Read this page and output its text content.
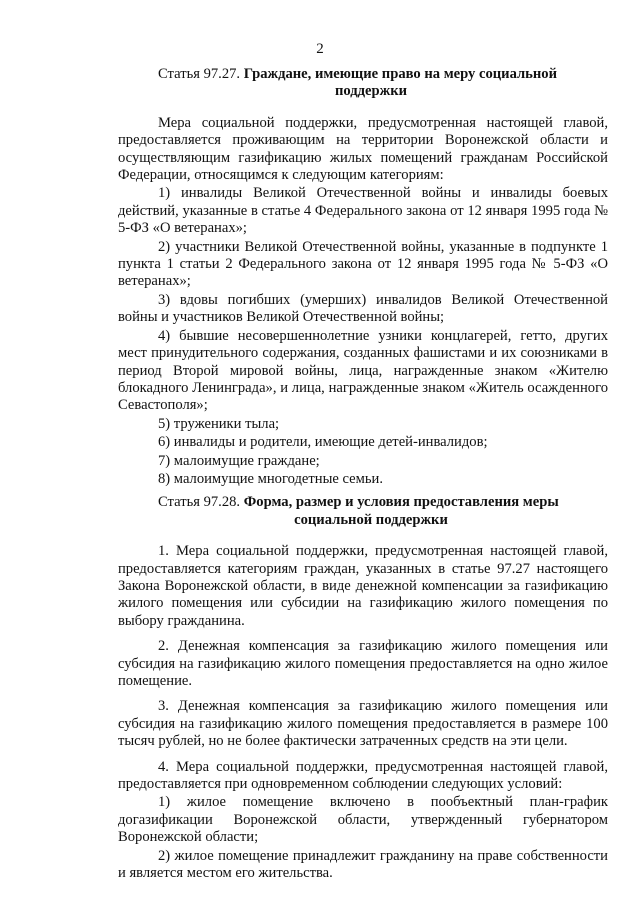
2
Статья 97.27. Граждане, имеющие право на меру социальной
поддержки

Мера социальной поддержки, предусмотренная настоящей главой, предоставляется проживающим на территории Воронежской области и осуществляющим газификацию жилых помещений гражданам Российской Федерации, относящимся к следующим категориям:

1) инвалиды Великой Отечественной войны и инвалиды боевых действий, указанные в статье 4 Федерального закона от 12 января 1995 года № 5-ФЗ «О ветеранах»;

2) участники Великой Отечественной войны, указанные в подпункте 1 пункта 1 статьи 2 Федерального закона от 12 января 1995 года № 5-ФЗ «О ветеранах»;

3) вдовы погибших (умерших) инвалидов Великой Отечественной войны и участников Великой Отечественной войны;

4) бывшие несовершеннолетние узники концлагерей, гетто, других мест принудительного содержания, созданных фашистами и их союзниками в период Второй мировой войны, лица, награжденные знаком «Жителю блокадного Ленинграда», и лица, награжденные знаком «Житель осажденного Севастополя»;

5) труженики тыла;

6) инвалиды и родители, имеющие детей-инвалидов;

7) малоимущие граждане;

8) малоимущие многодетные семьи.

Статья 97.28. Форма, размер и условия предоставления меры
социальной поддержки

1. Мера социальной поддержки, предусмотренная настоящей главой, предоставляется категориям граждан, указанных в статье 97.27 настоящего Закона Воронежской области, в виде денежной компенсации за газификацию жилого помещения или субсидии на газификацию жилого помещения по выбору гражданина.

2. Денежная компенсация за газификацию жилого помещения или субсидия на газификацию жилого помещения предоставляется на одно жилое помещение.

3. Денежная компенсация за газификацию жилого помещения или субсидия на газификацию жилого помещения предоставляется в размере 100 тысяч рублей, но не более фактически затраченных средств на эти цели.

4. Мера социальной поддержки, предусмотренная настоящей главой, предоставляется при одновременном соблюдении следующих условий:

1) жилое помещение включено в пообъектный план-график догазификации Воронежской области, утвержденный губернатором Воронежской области;

2) жилое помещение принадлежит гражданину на праве собственности и является местом его жительства.
